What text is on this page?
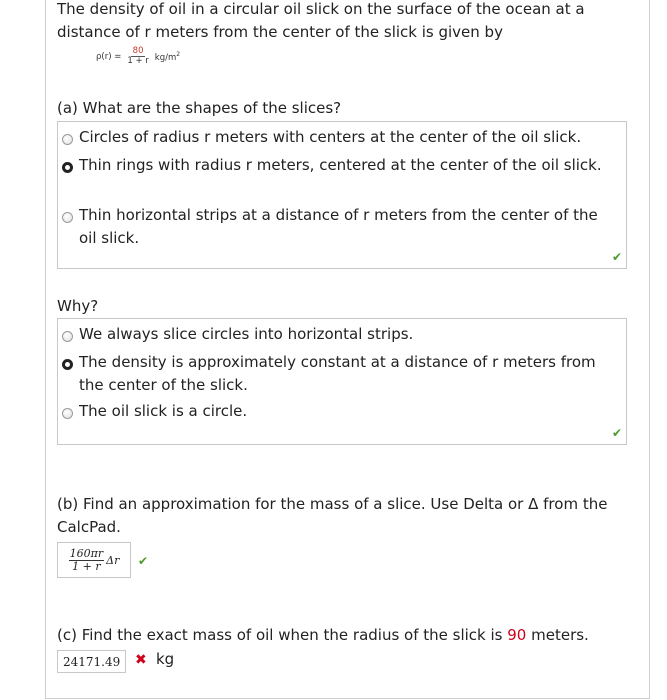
The density of oil in a circular oil slick on the surface of the ocean at a distance of r meters from the center of the slick is given by
$\rho(r) = \frac{80}{1 + r} kg/m^2$
(a) What are the shapes of the slices?
Circles of radius r meters with centers at the center of the oil slick.
Thin rings with radius r meters, centered at the center of the oil slick.
Thin horizontal strips at a distance of r meters from the center of the oil slick.
✔
Why?
We always slice circles into horizontal strips.
The density is approximately constant at a distance of r meters from the center of the slick.
The oil slick is a circle.
✔
(b) Find an approximation for the mass of a slice. Use Delta or Δ from the CalcPad.
$\frac{160\pi r}{1 + r}$ Δr ✔
(c) Find the exact mass of oil when the radius of the slick is 90 meters.
24171.49	✖ kg
